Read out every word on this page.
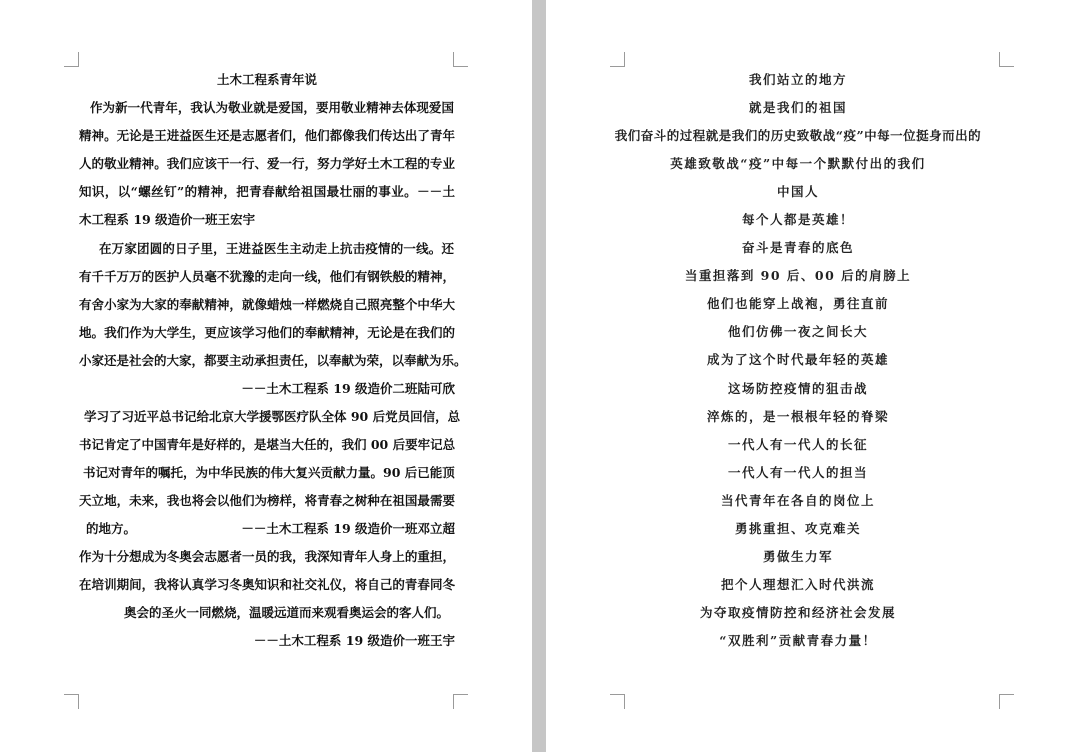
土木工程系青年说
作为新一代青年，我认为敬业就是爱国，要用敬业精神去体现爱国
精神。无论是王进益医生还是志愿者们，他们都像我们传达出了青年
人的敬业精神。我们应该干一行、爱一行，努力学好土木工程的专业
知识，以“螺丝钉”的精神，把青春献给祖国最壮丽的事业。－－土
木工程系 19 级造价一班王宏宇
在万家团圆的日子里，王进益医生主动走上抗击疫情的一线。还
有千千万万的医护人员毫不犹豫的走向一线，他们有钢铁般的精神，
有舍小家为大家的奉献精神，就像蜡烛一样燃烧自己照亮整个中华大
地。我们作为大学生，更应该学习他们的奉献精神，无论是在我们的
小家还是社会的大家，都要主动承担责任，以奉献为荣，以奉献为乐。
－－土木工程系 19 级造价二班陆可欣
学习了习近平总书记给北京大学援鄂医疗队全体 90 后党员回信，总
书记肯定了中国青年是好样的，是堪当大任的，我们 00 后要牢记总
书记对青年的嘱托，为中华民族的伟大复兴贡献力量。90 后已能顶
天立地，未来，我也将会以他们为榜样，将青春之树种在祖国最需要
的地方。	－－土木工程系 19 级造价一班邓立超
作为十分想成为冬奥会志愿者一员的我，我深知青年人身上的重担，
在培训期间，我将认真学习冬奥知识和社交礼仪，将自己的青春同冬
奥会的圣火一同燃烧，温暖远道而来观看奥运会的客人们。
－－土木工程系 19 级造价一班王宇
我们站立的地方
就是我们的祖国
我们奋斗的过程就是我们的历史致敬战“疫”中每一位挺身而出的
英雄致敬战“疫”中每一个默默付出的我们
中国人
每个人都是英雄！
奋斗是青春的底色
当重担落到 90 后、00 后的肩膀上
他们也能穿上战袍，勇往直前
他们仿佛一夜之间长大
成为了这个时代最年轻的英雄
这场防控疫情的狙击战
淬炼的，是一根根年轻的脊梁
一代人有一代人的长征
一代人有一代人的担当
当代青年在各自的岗位上
勇挑重担、攻克难关
勇做生力军
把个人理想汇入时代洪流
为夺取疫情防控和经济社会发展
“双胜利”贡献青春力量！
